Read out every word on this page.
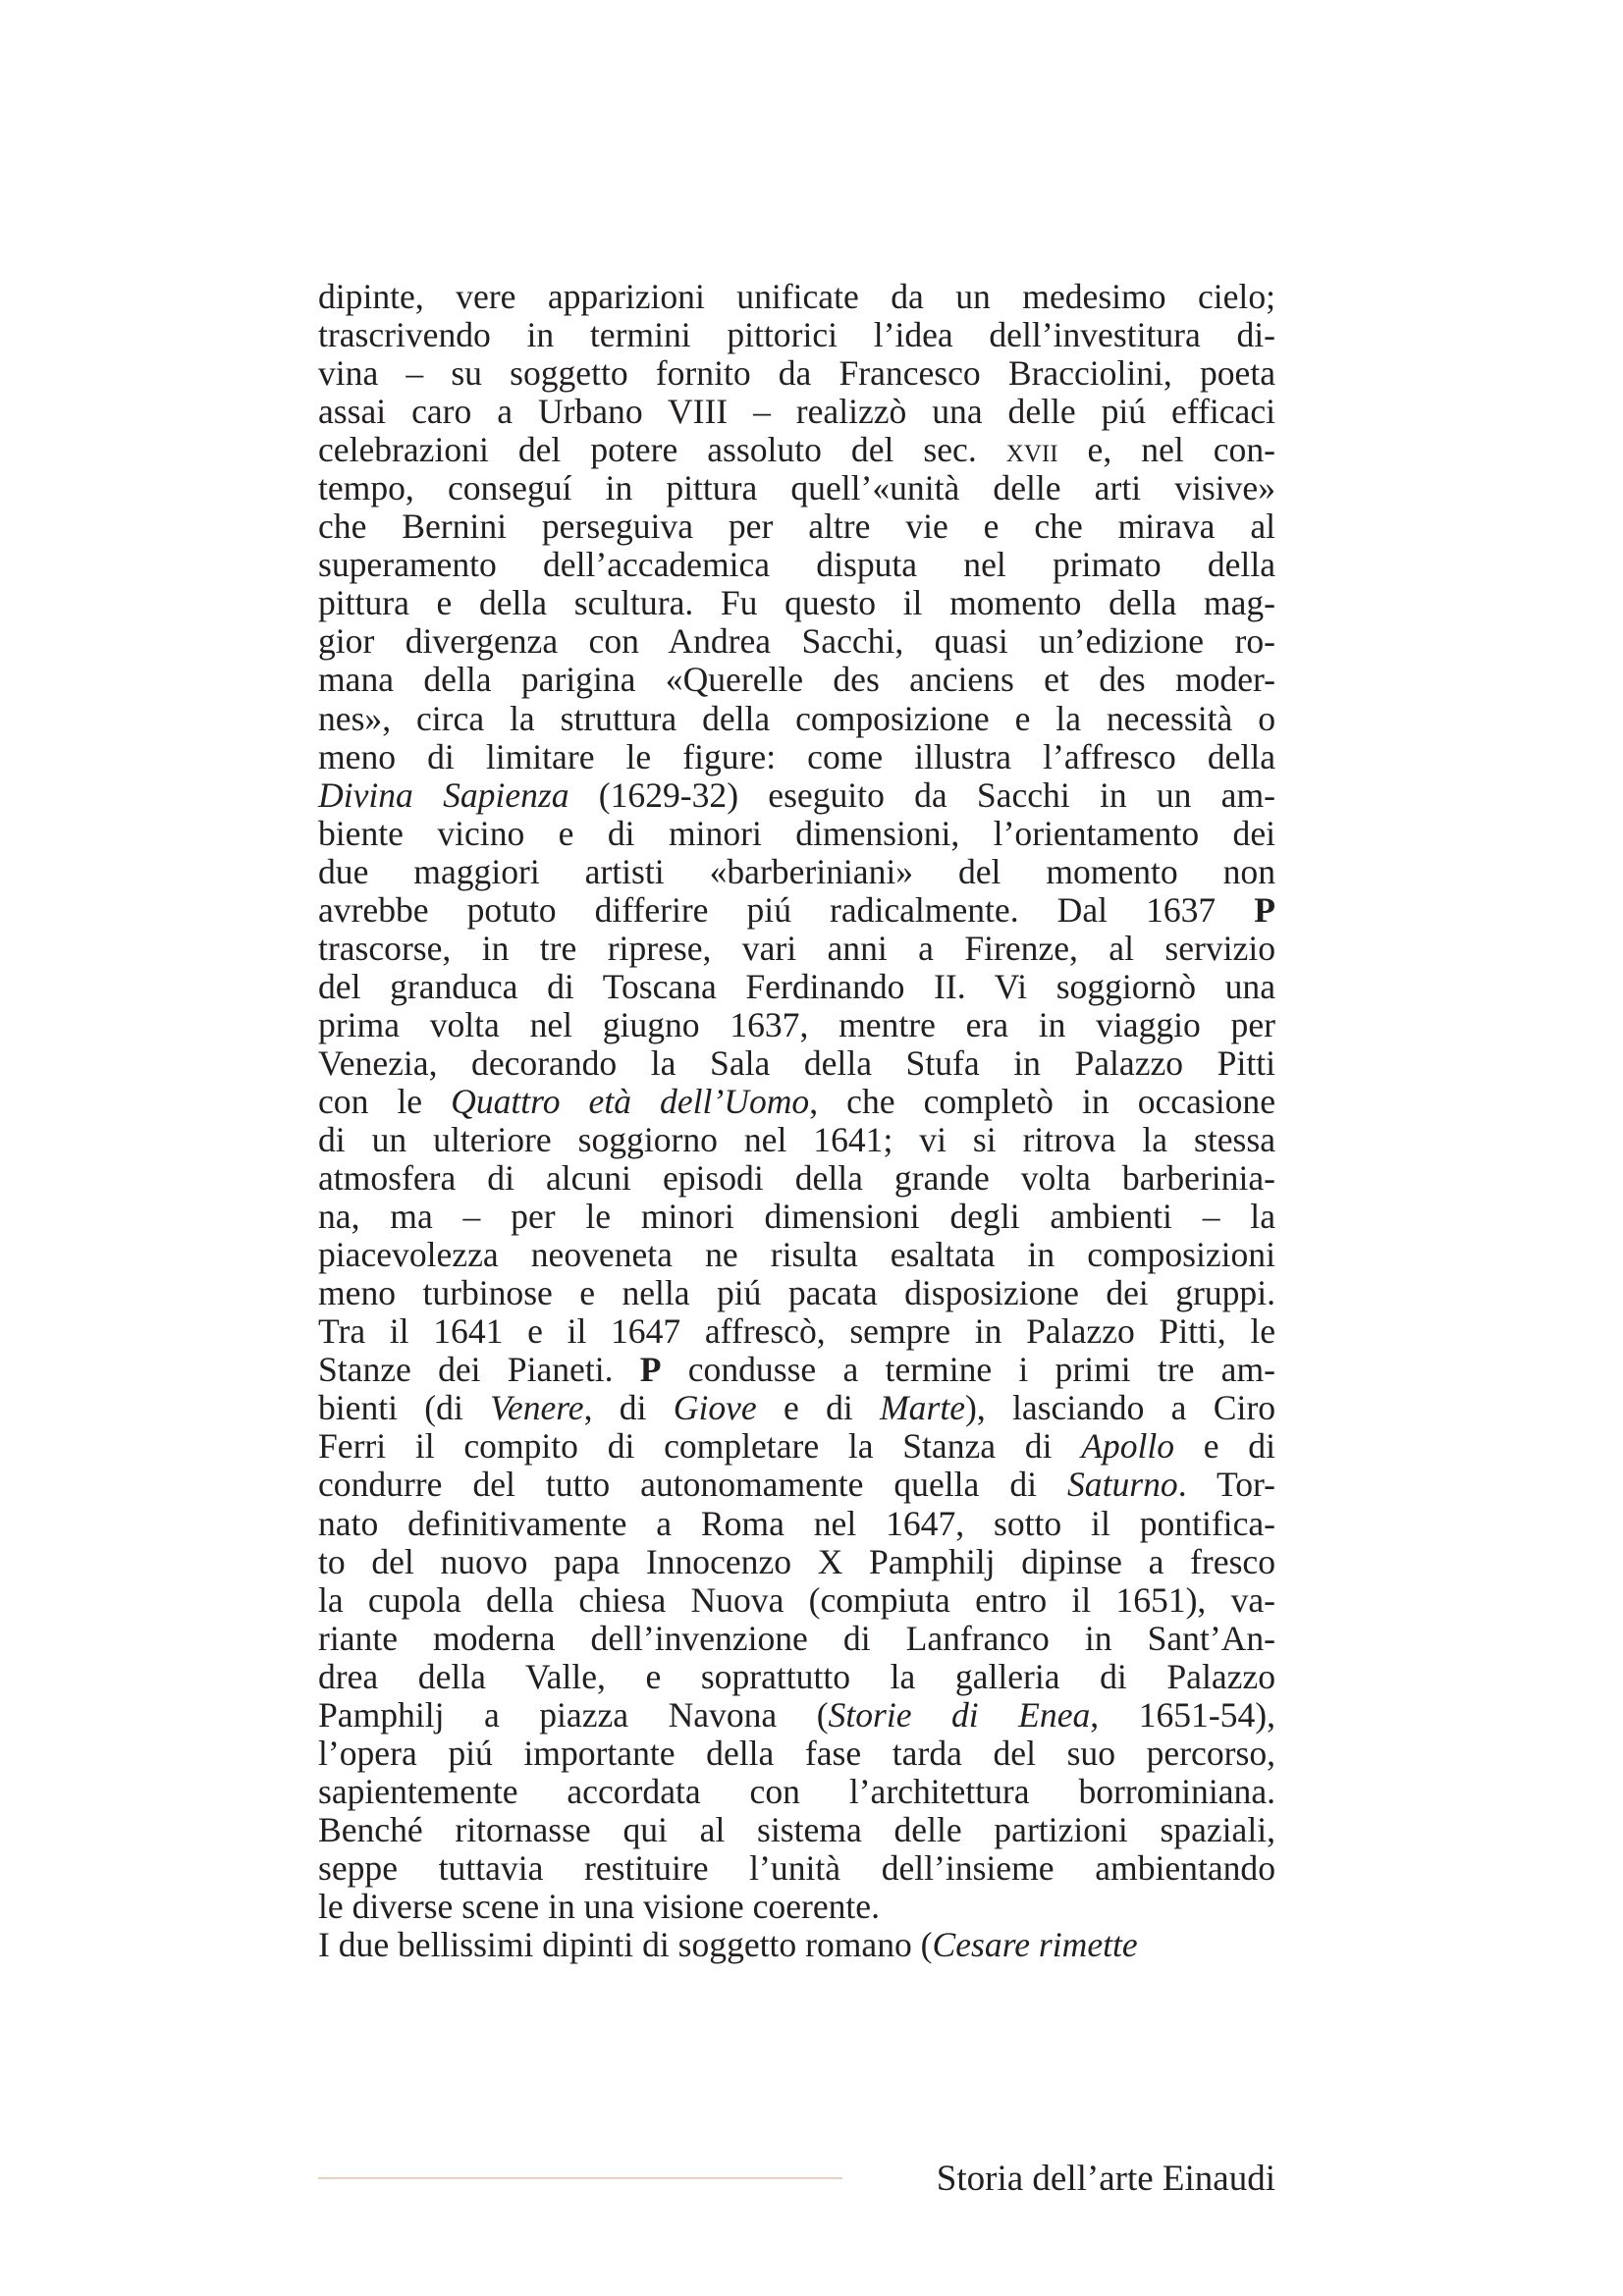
dipinte, vere apparizioni unificate da un medesimo cielo;
trascrivendo in termini pittorici l’idea dell’investitura di-
vina – su soggetto fornito da Francesco Bracciolini, poeta
assai caro a Urbano VIII – realizzò una delle piú efficaci
celebrazioni del potere assoluto del sec. xvii e, nel con-
tempo, conseguí in pittura quell’«unità delle arti visive»
che Bernini perseguiva per altre vie e che mirava al
superamento dell’accademica disputa nel primato della
pittura e della scultura. Fu questo il momento della mag-
gior divergenza con Andrea Sacchi, quasi un’edizione ro-
mana della parigina «Querelle des anciens et des moder-
nes», circa la struttura della composizione e la necessità o
meno di limitare le figure: come illustra l’affresco della
Divina Sapienza (1629-32) eseguito da Sacchi in un am-
biente vicino e di minori dimensioni, l’orientamento dei
due maggiori artisti «barberiniani» del momento non
avrebbe potuto differire piú radicalmente. Dal 1637 P
trascorse, in tre riprese, vari anni a Firenze, al servizio
del granduca di Toscana Ferdinando II. Vi soggiornò una
prima volta nel giugno 1637, mentre era in viaggio per
Venezia, decorando la Sala della Stufa in Palazzo Pitti
con le Quattro età dell’Uomo, che completò in occasione
di un ulteriore soggiorno nel 1641; vi si ritrova la stessa
atmosfera di alcuni episodi della grande volta barberinia-
na, ma – per le minori dimensioni degli ambienti – la
piacevolezza neoveneta ne risulta esaltata in composizioni
meno turbinose e nella piú pacata disposizione dei gruppi.
Tra il 1641 e il 1647 affrescò, sempre in Palazzo Pitti, le
Stanze dei Pianeti. P condusse a termine i primi tre am-
bienti (di Venere, di Giove e di Marte), lasciando a Ciro
Ferri il compito di completare la Stanza di Apollo e di
condurre del tutto autonomamente quella di Saturno. Tor-
nato definitivamente a Roma nel 1647, sotto il pontifica-
to del nuovo papa Innocenzo X Pamphilj dipinse a fresco
la cupola della chiesa Nuova (compiuta entro il 1651), va-
riante moderna dell’invenzione di Lanfranco in Sant’An-
drea della Valle, e soprattutto la galleria di Palazzo
Pamphilj a piazza Navona (Storie di Enea, 1651-54),
l’opera piú importante della fase tarda del suo percorso,
sapientemente accordata con l’architettura borrominiana.
Benché ritornasse qui al sistema delle partizioni spaziali,
seppe tuttavia restituire l’unità dell’insieme ambientando
le diverse scene in una visione coerente.
I due bellissimi dipinti di soggetto romano (Cesare rimette
Storia dell’arte Einaudi
